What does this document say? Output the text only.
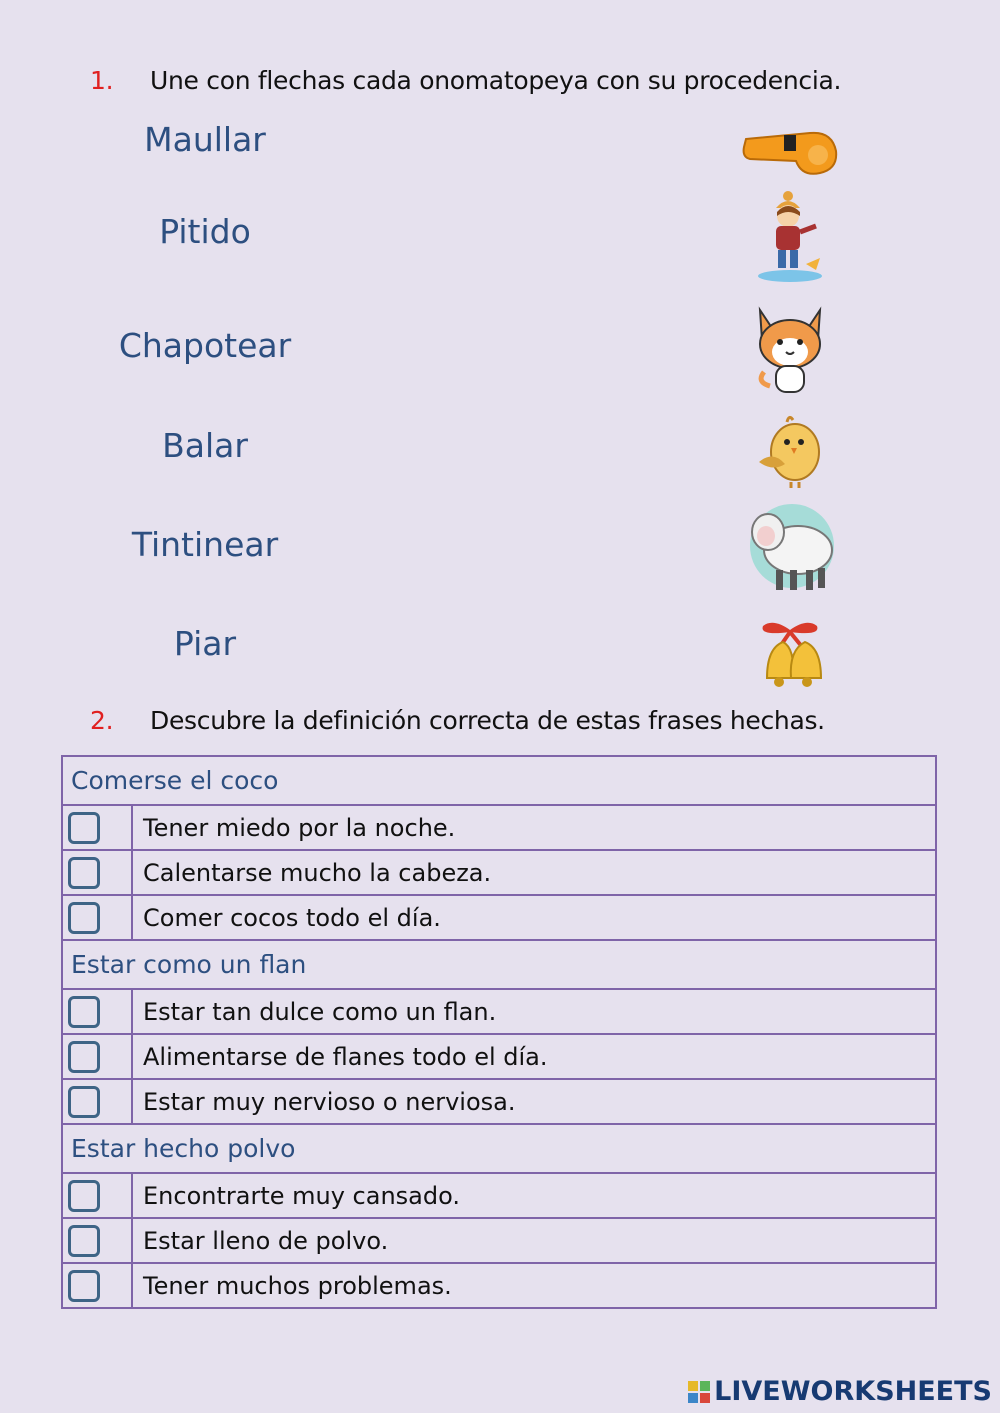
1. Une con flechas cada onomatopeya con su procedencia.
Maullar
Pitido
Chapotear
Balar
Tintinear
Piar
2. Descubre la definición correcta de estas frases hechas.
Comerse el coco	

	Tener miedo por la noche.

	Calentarse mucho la cabeza.

	Comer cocos todo el día.
Estar como un flan	

	Estar tan dulce como un flan.

	Alimentarse de flanes todo el día.

	Estar muy nervioso o nerviosa.
Estar hecho polvo	

	Encontrarte muy cansado.

	Estar lleno de polvo.

	Tener muchos problemas.
LIVEWORKSHEETS
